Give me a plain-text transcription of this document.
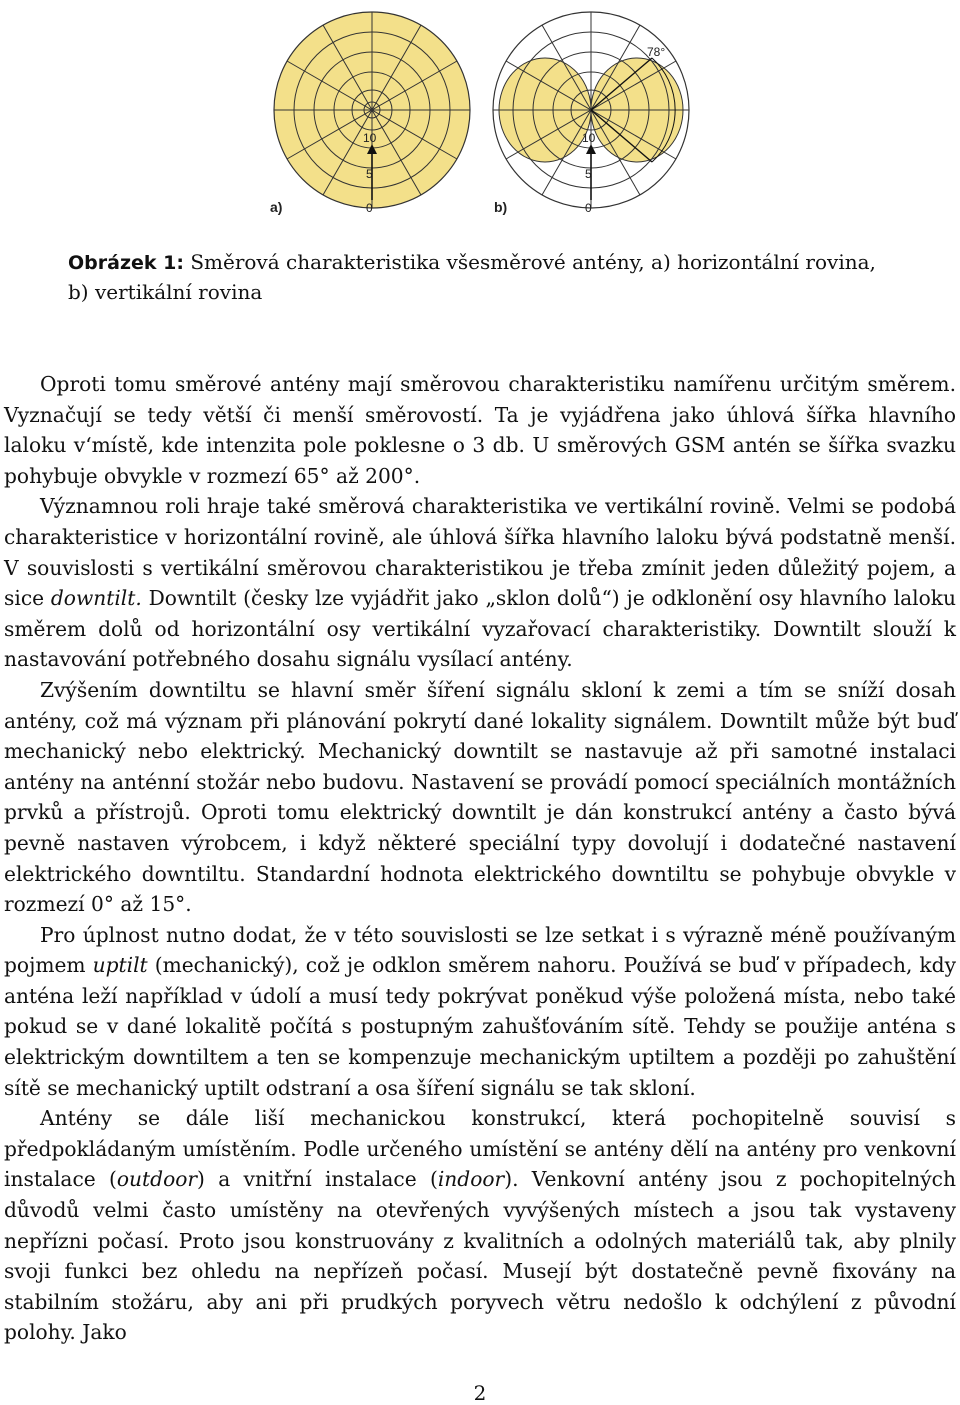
10
5
0
a)
78°
10
5
0
b)
Obrázek 1: Směrová charakteristika všesměrové antény, a) horizontální rovina, b) vertikální rovina

Oproti tomu směrové antény mají směrovou charakteristiku namířenu určitým směrem. Vyznačují se tedy větší či menší směrovostí. Ta je vyjádřena jako úhlová šířka hlavního laloku v‘místě, kde intenzita pole poklesne o 3 db. U směrových GSM antén se šířka svazku pohybuje obvykle v rozmezí 65° až 200°.

Významnou roli hraje také směrová charakteristika ve vertikální rovině. Velmi se podobá charakteristice v horizontální rovině, ale úhlová šířka hlavního laloku bývá podstatně menší. V souvislosti s vertikální směrovou charakteristikou je třeba zmínit jeden důležitý pojem, a sice downtilt. Downtilt (česky lze vyjádřit jako „sklon dolů“) je odklonění osy hlavního laloku směrem dolů od horizontální osy vertikální vyzařovací charakteristiky. Downtilt slouží k nastavování potřebného dosahu signálu vysílací antény.

Zvýšením downtiltu se hlavní směr šíření signálu skloní k zemi a tím se sníží dosah antény, což má význam při plánování pokrytí dané lokality signálem. Downtilt může být buď mechanický nebo elektrický. Mechanický downtilt se nastavuje až při samotné instalaci antény na anténní stožár nebo budovu. Nastavení se provádí pomocí speciálních montážních prvků a přístrojů. Oproti tomu elektrický downtilt je dán konstrukcí antény a často bývá pevně nastaven výrobcem, i když některé speciální typy dovolují i dodatečné nastavení elektrického downtiltu. Standardní hodnota elektrického downtiltu se pohybuje obvykle v rozmezí 0° až 15°.

Pro úplnost nutno dodat, že v této souvislosti se lze setkat i s výrazně méně používaným pojmem uptilt (mechanický), což je odklon směrem nahoru. Používá se buď v případech, kdy anténa leží například v údolí a musí tedy pokrývat poněkud výše položená místa, nebo také pokud se v dané lokalitě počítá s postupným zahušťováním sítě. Tehdy se použije anténa s elektrickým downtiltem a ten se kompenzuje mechanickým uptiltem a později po zahuštění sítě se mechanický uptilt odstraní a osa šíření signálu se tak skloní.

Antény se dále liší mechanickou konstrukcí, která pochopitelně souvisí s předpokládaným umístěním. Podle určeného umístění se antény dělí na antény pro venkovní instalace (outdoor) a vnitřní instalace (indoor). Venkovní antény jsou z pochopitelných důvodů velmi často umístěny na otevřených vyvýšených místech a jsou tak vystaveny nepřízni počasí. Proto jsou konstruovány z kvalitních a odolných materiálů tak, aby plnily svoji funkci bez ohledu na nepřízeň počasí. Musejí být dostatečně pevně fixovány na stabilním stožáru, aby ani při prudkých poryvech větru nedošlo k odchýlení z původní polohy. Jako

2
